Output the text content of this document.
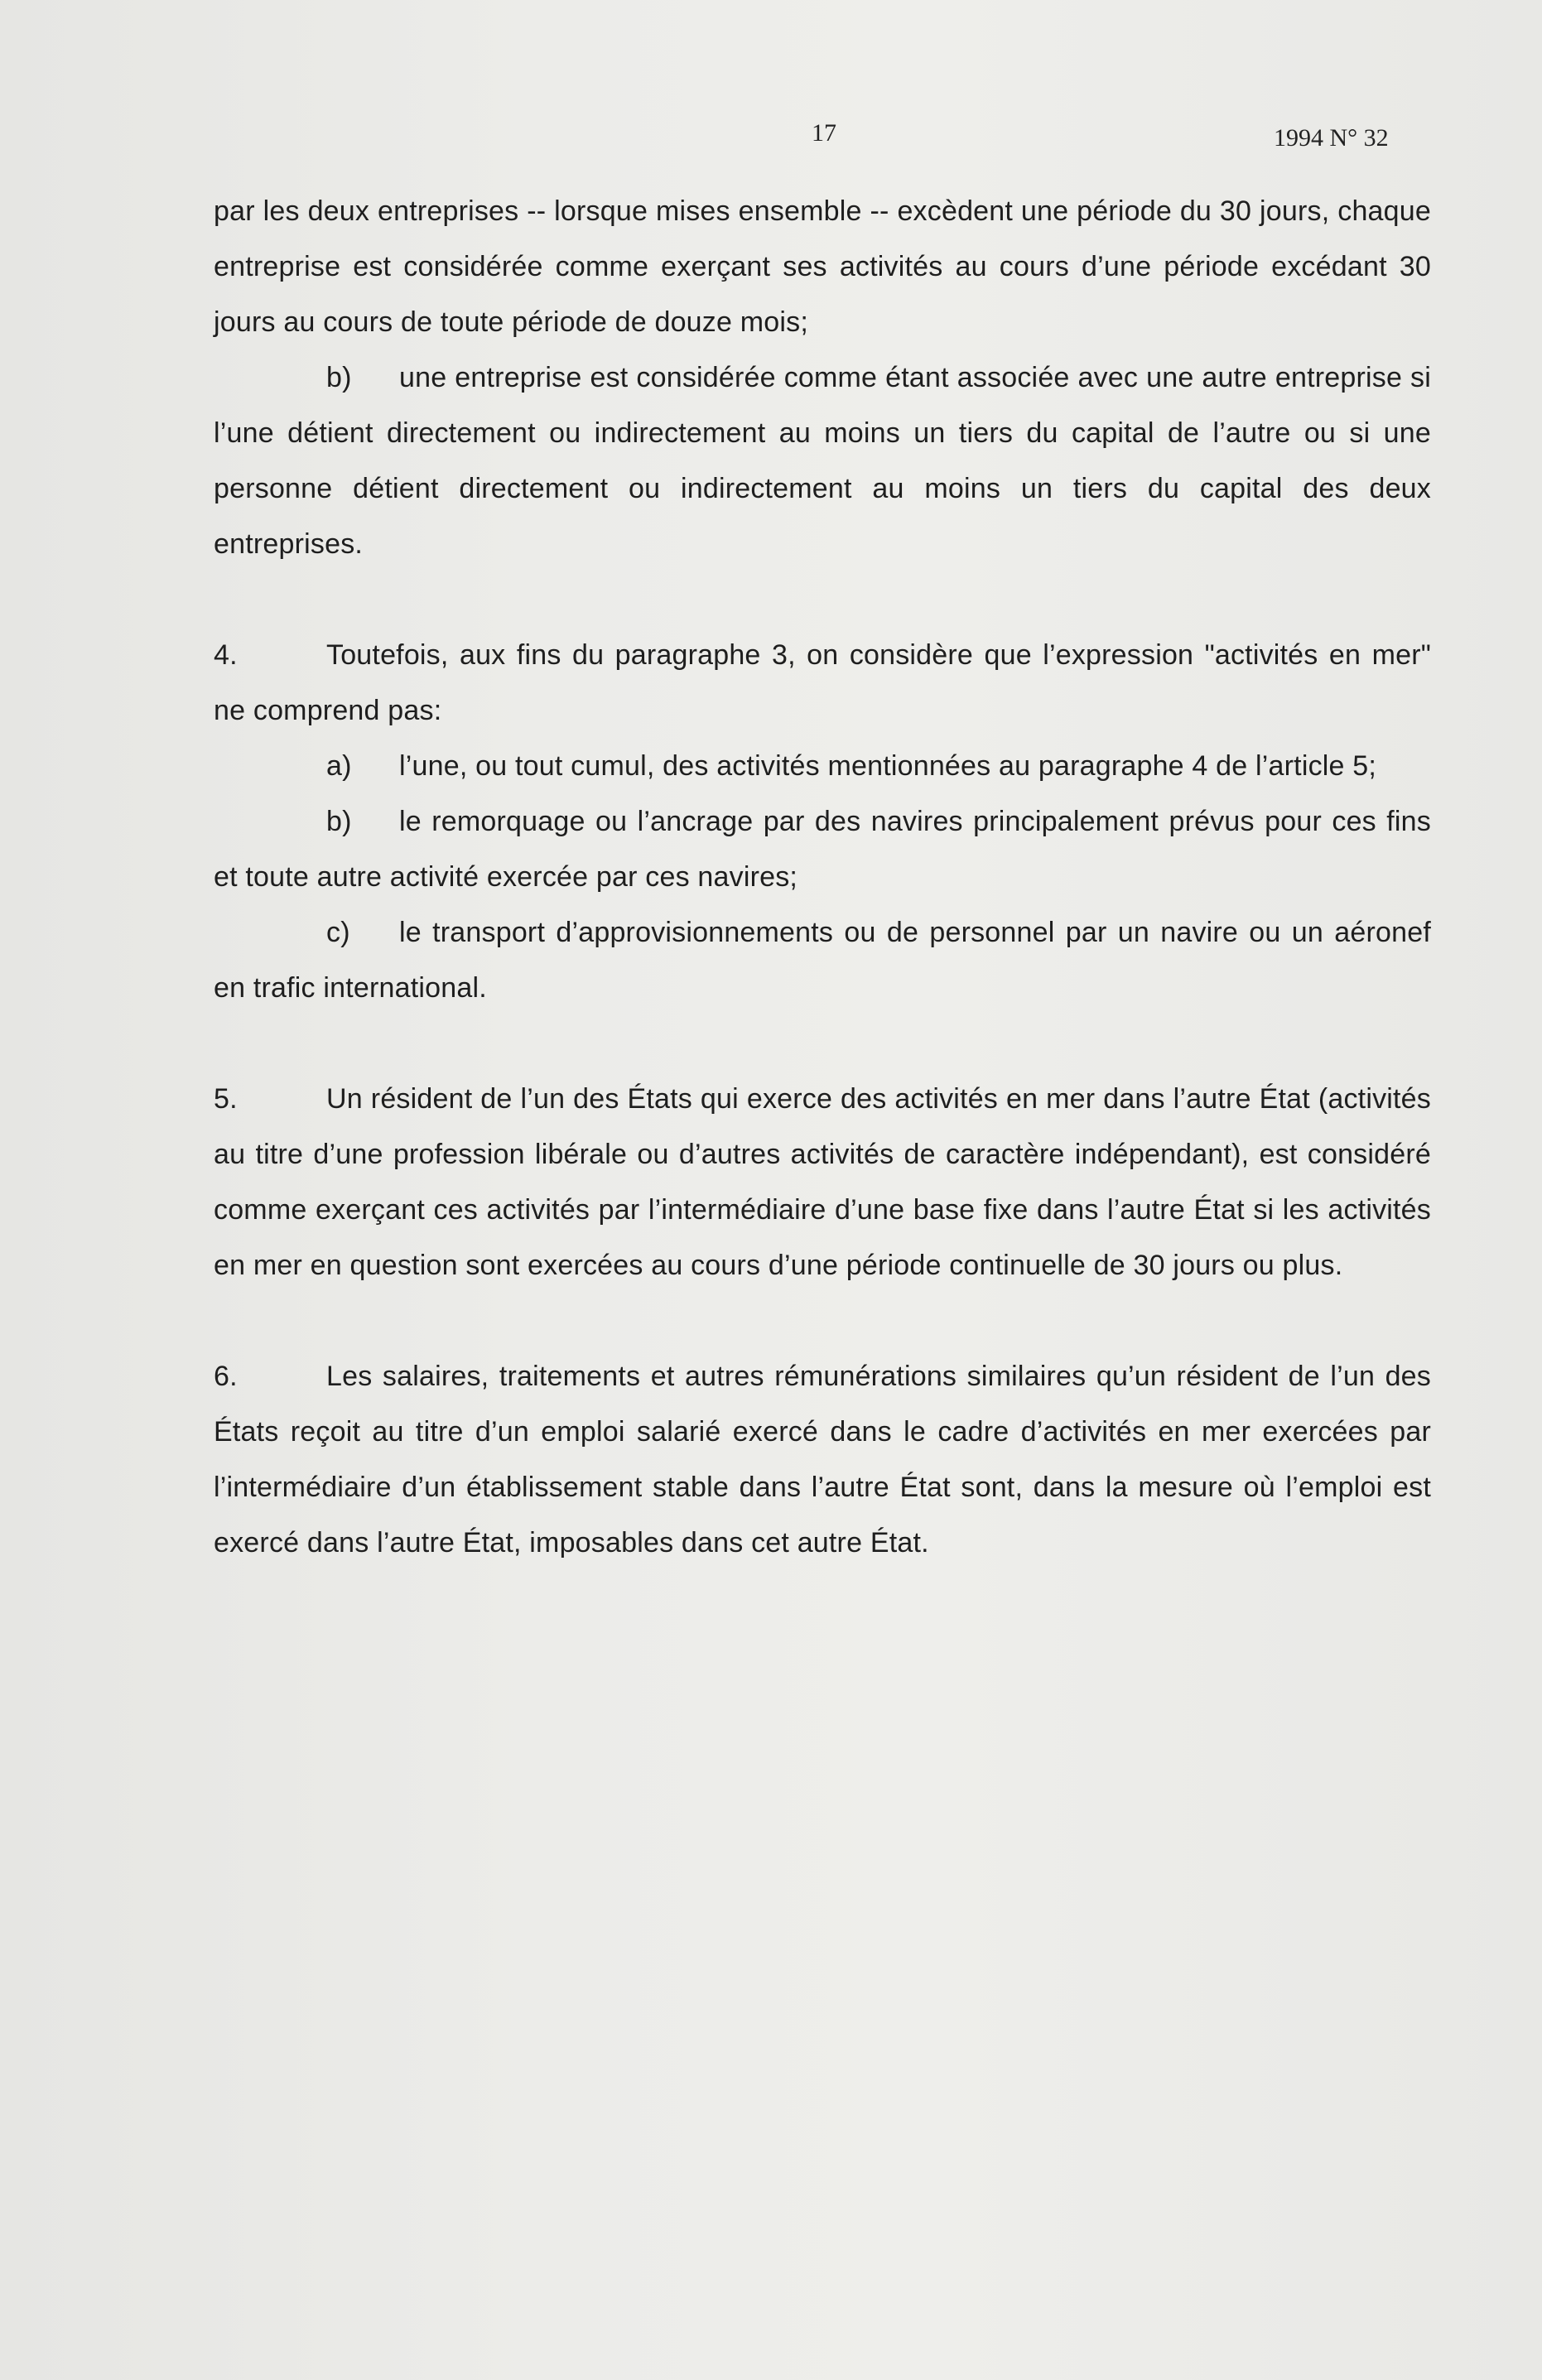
17	1994 N° 32

par les deux entreprises -- lorsque mises ensemble -- excèdent une période du 30 jours, chaque entreprise est considérée comme exerçant ses activités au cours d’une période excédant 30 jours au cours de toute période de douze mois;

b) une entreprise est considérée comme étant associée avec une autre entreprise si l’une détient directement ou indirectement au moins un tiers du capital de l’autre ou si une personne détient directement ou indirectement au moins un tiers du capital des deux entreprises.

4.	Toutefois, aux fins du paragraphe 3, on considère que l’expression "activités en mer" ne comprend pas:

a) l’une, ou tout cumul, des activités mentionnées au paragraphe 4 de l’article 5;

b) le remorquage ou l’ancrage par des navires principalement prévus pour ces fins et toute autre activité exercée par ces navires;

c) le transport d’approvisionnements ou de personnel par un navire ou un aéronef en trafic international.

5.	Un résident de l’un des États qui exerce des activités en mer dans l’autre État (activités au titre d’une profession libérale ou d’autres activités de caractère indépendant), est considéré comme exerçant ces activités par l’intermédiaire d’une base fixe dans l’autre État si les activités en mer en question sont exercées au cours d’une période continuelle de 30 jours ou plus.

6.	Les salaires, traitements et autres rémunérations similaires qu’un résident de l’un des États reçoit au titre d’un emploi salarié exercé dans le cadre d’activités en mer exercées par l’intermédiaire d’un établissement stable dans l’autre État sont, dans la mesure où l’emploi est exercé dans l’autre État, imposables dans cet autre État.
